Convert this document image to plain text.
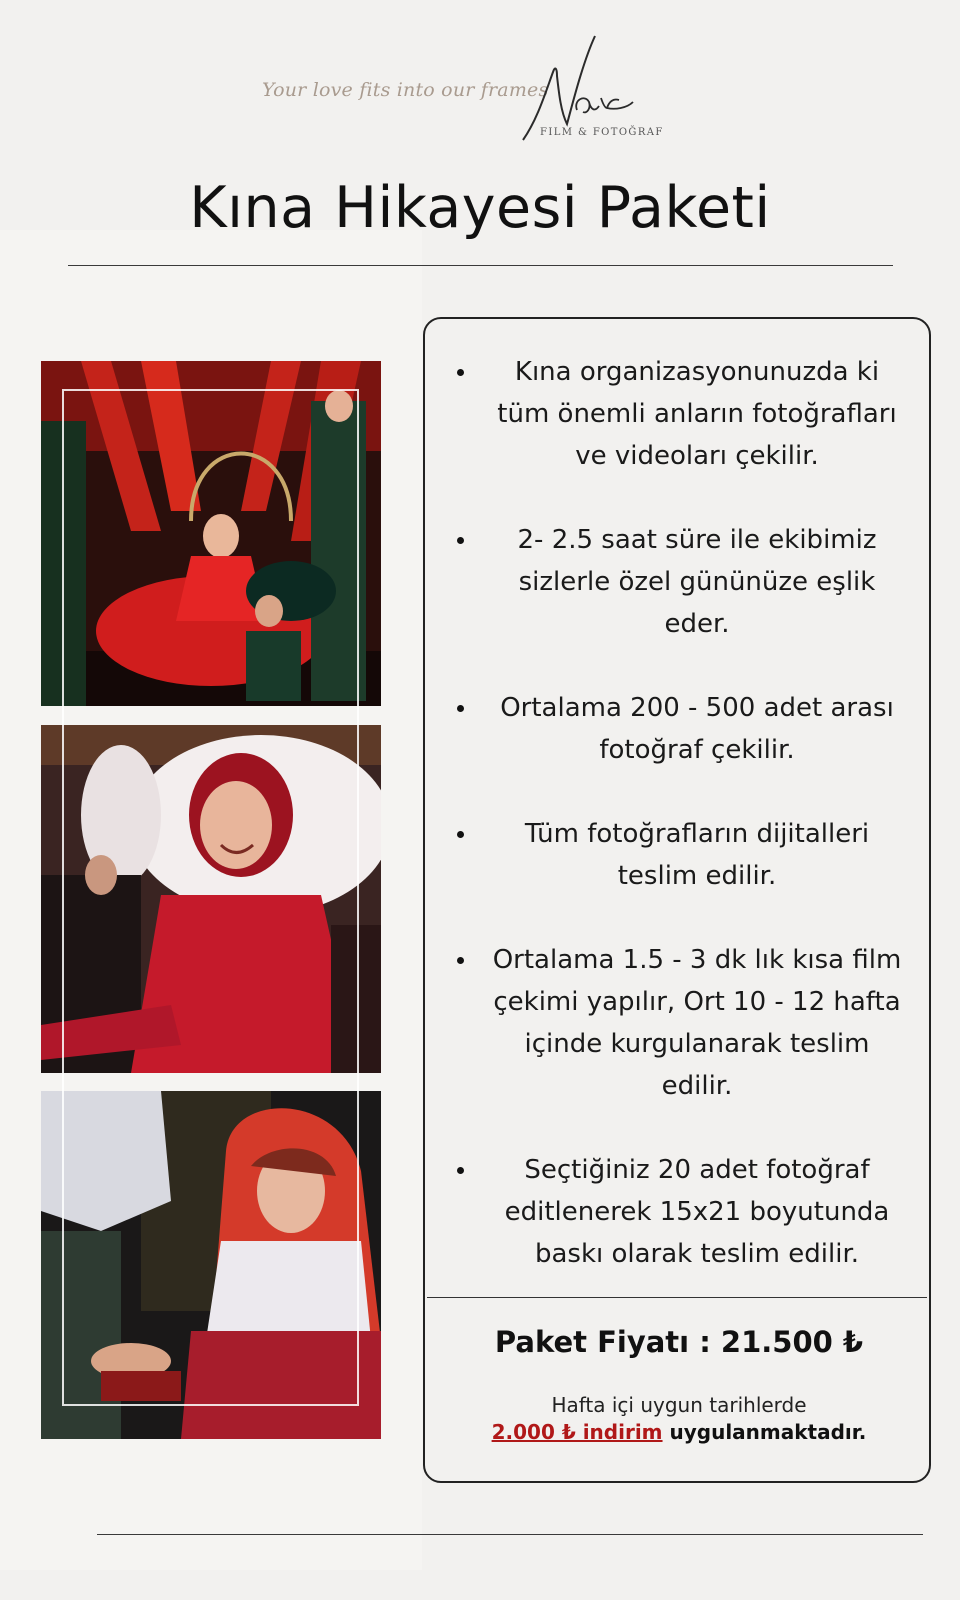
Your love fits into our frames
FILM & FOTOĞRAF
Kına Hikayesi Paketi
Kına organizasyonunuzda ki tüm önemli anların fotoğrafları ve videoları çekilir.
2- 2.5 saat süre ile ekibimiz sizlerle özel gününüze eşlik eder.
Ortalama 200 - 500 adet arası fotoğraf çekilir.
Tüm fotoğrafların dijitalleri teslim edilir.
Ortalama 1.5 - 3 dk lık kısa film çekimi yapılır, Ort 10 - 12 hafta içinde kurgulanarak teslim edilir.
Seçtiğiniz 20 adet fotoğraf editlenerek 15x21 boyutunda baskı olarak teslim edilir.
Paket Fiyatı : 21.500 ₺
Hafta içi uygun tarihlerde
2.000 ₺ indirim uygulanmaktadır.
